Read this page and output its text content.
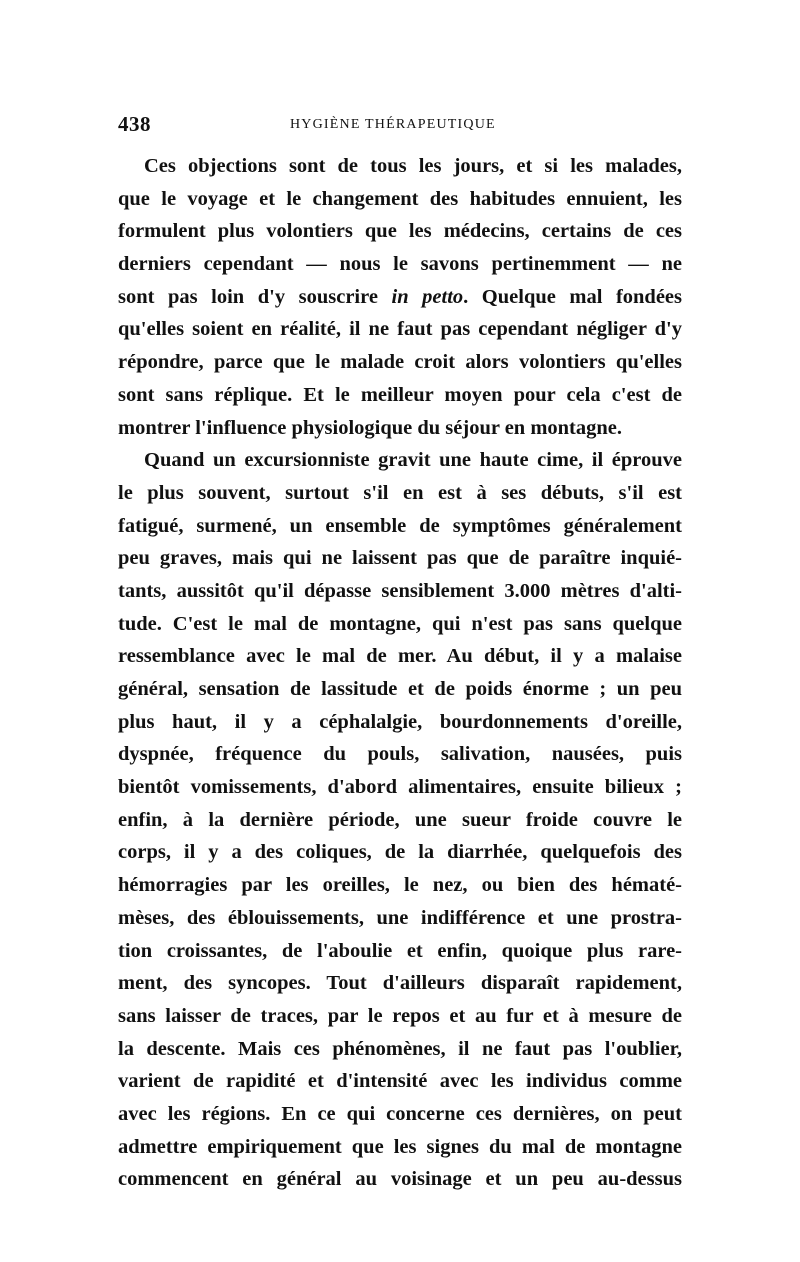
438	HYGIÈNE THÉRAPEUTIQUE
Ces objections sont de tous les jours, et si les malades,
que le voyage et le changement des habitudes ennuient, les
formulent plus volontiers que les médecins, certains de ces
derniers cependant — nous le savons pertinemment — ne
sont pas loin d'y souscrire in petto. Quelque mal fondées
qu'elles soient en réalité, il ne faut pas cependant négliger d'y
répondre, parce que le malade croit alors volontiers qu'elles
sont sans réplique. Et le meilleur moyen pour cela c'est de
montrer l'influence physiologique du séjour en montagne.
Quand un excursionniste gravit une haute cime, il éprouve
le plus souvent, surtout s'il en est à ses débuts, s'il est
fatigué, surmené, un ensemble de symptômes généralement
peu graves, mais qui ne laissent pas que de paraître inquié-
tants, aussitôt qu'il dépasse sensiblement 3.000 mètres d'alti-
tude. C'est le mal de montagne, qui n'est pas sans quelque
ressemblance avec le mal de mer. Au début, il y a malaise
général, sensation de lassitude et de poids énorme ; un peu
plus haut, il y a céphalalgie, bourdonnements d'oreille,
dyspnée, fréquence du pouls, salivation, nausées, puis
bientôt vomissements, d'abord alimentaires, ensuite bilieux ;
enfin, à la dernière période, une sueur froide couvre le
corps, il y a des coliques, de la diarrhée, quelquefois des
hémorragies par les oreilles, le nez, ou bien des hématé-
mèses, des éblouissements, une indifférence et une prostra-
tion croissantes, de l'aboulie et enfin, quoique plus rare-
ment, des syncopes. Tout d'ailleurs disparaît rapidement,
sans laisser de traces, par le repos et au fur et à mesure de
la descente. Mais ces phénomènes, il ne faut pas l'oublier,
varient de rapidité et d'intensité avec les individus comme
avec les régions. En ce qui concerne ces dernières, on peut
admettre empiriquement que les signes du mal de montagne
commencent en général au voisinage et un peu au-dessus
